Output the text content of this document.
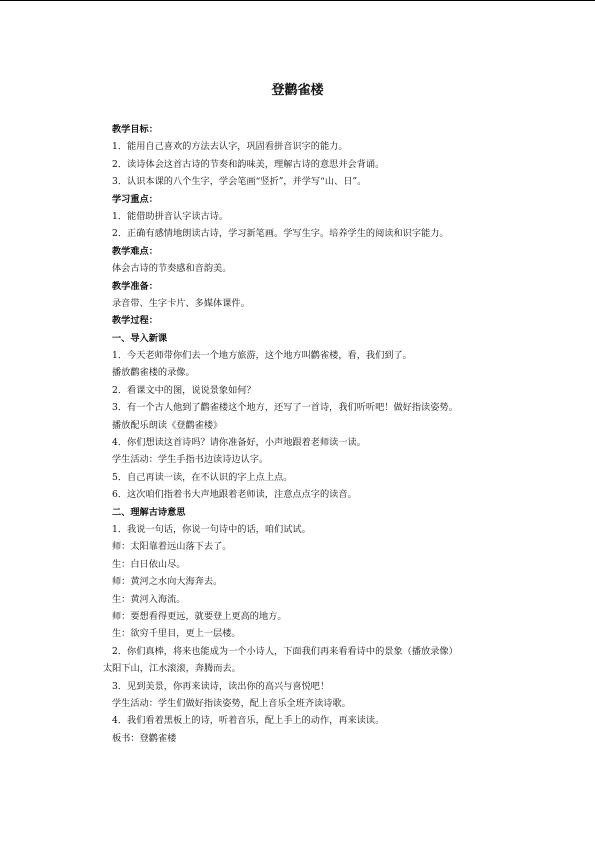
登鹳雀楼
教学目标：
1．能用自己喜欢的方法去认字，巩固看拼音识字的能力。
2．读诗体会这首古诗的节奏和韵味美，理解古诗的意思并会背诵。
3．认识本课的八个生字，学会笔画“竖折”，并学写“山、日”。
学习重点：
1．能借助拼音认字读古诗。
2．正确有感情地朗读古诗，学习新笔画。学写生字。培养学生的阅读和识字能力。
教学难点：
体会古诗的节奏感和音韵美。
教学准备：
录音带、生字卡片、多媒体课件。
教学过程：
一、导入新课
1．今天老师带你们去一个地方旅游，这个地方叫鹳雀楼，看，我们到了。
播放鹳雀楼的录像。
2．看课文中的图，说说景象如何？
3．有一个古人他到了鹳雀楼这个地方，还写了一首诗，我们听听吧！做好指读姿势。
播放配乐朗读《登鹳雀楼》
4．你们想读这首诗吗？请你准备好，小声地跟着老师读一读。
学生活动：学生手指书边读诗边认字。
5．自己再读一读，在不认识的字上点上点。
6．这次咱们指着书大声地跟着老师读，注意点点字的读音。
二、理解古诗意思
1．我说一句话，你说一句诗中的话，咱们试试。
师：太阳靠着远山落下去了。
生：白日依山尽。
师：黄河之水向大海奔去。
生：黄河入海流。
师：要想看得更远，就要登上更高的地方。
生：欲穷千里目，更上一层楼。
2．你们真棒，将来也能成为一个小诗人，下面我们再来看看诗中的景象（播放录像）
太阳下山，江水滚滚，奔腾而去。
3．见到美景，你再来读诗，读出你的高兴与喜悦吧！
学生活动：学生们做好指读姿势，配上音乐全班齐读诗歌。
4．我们看着黑板上的诗，听着音乐，配上手上的动作，再来读读。
板书：登鹳雀楼
